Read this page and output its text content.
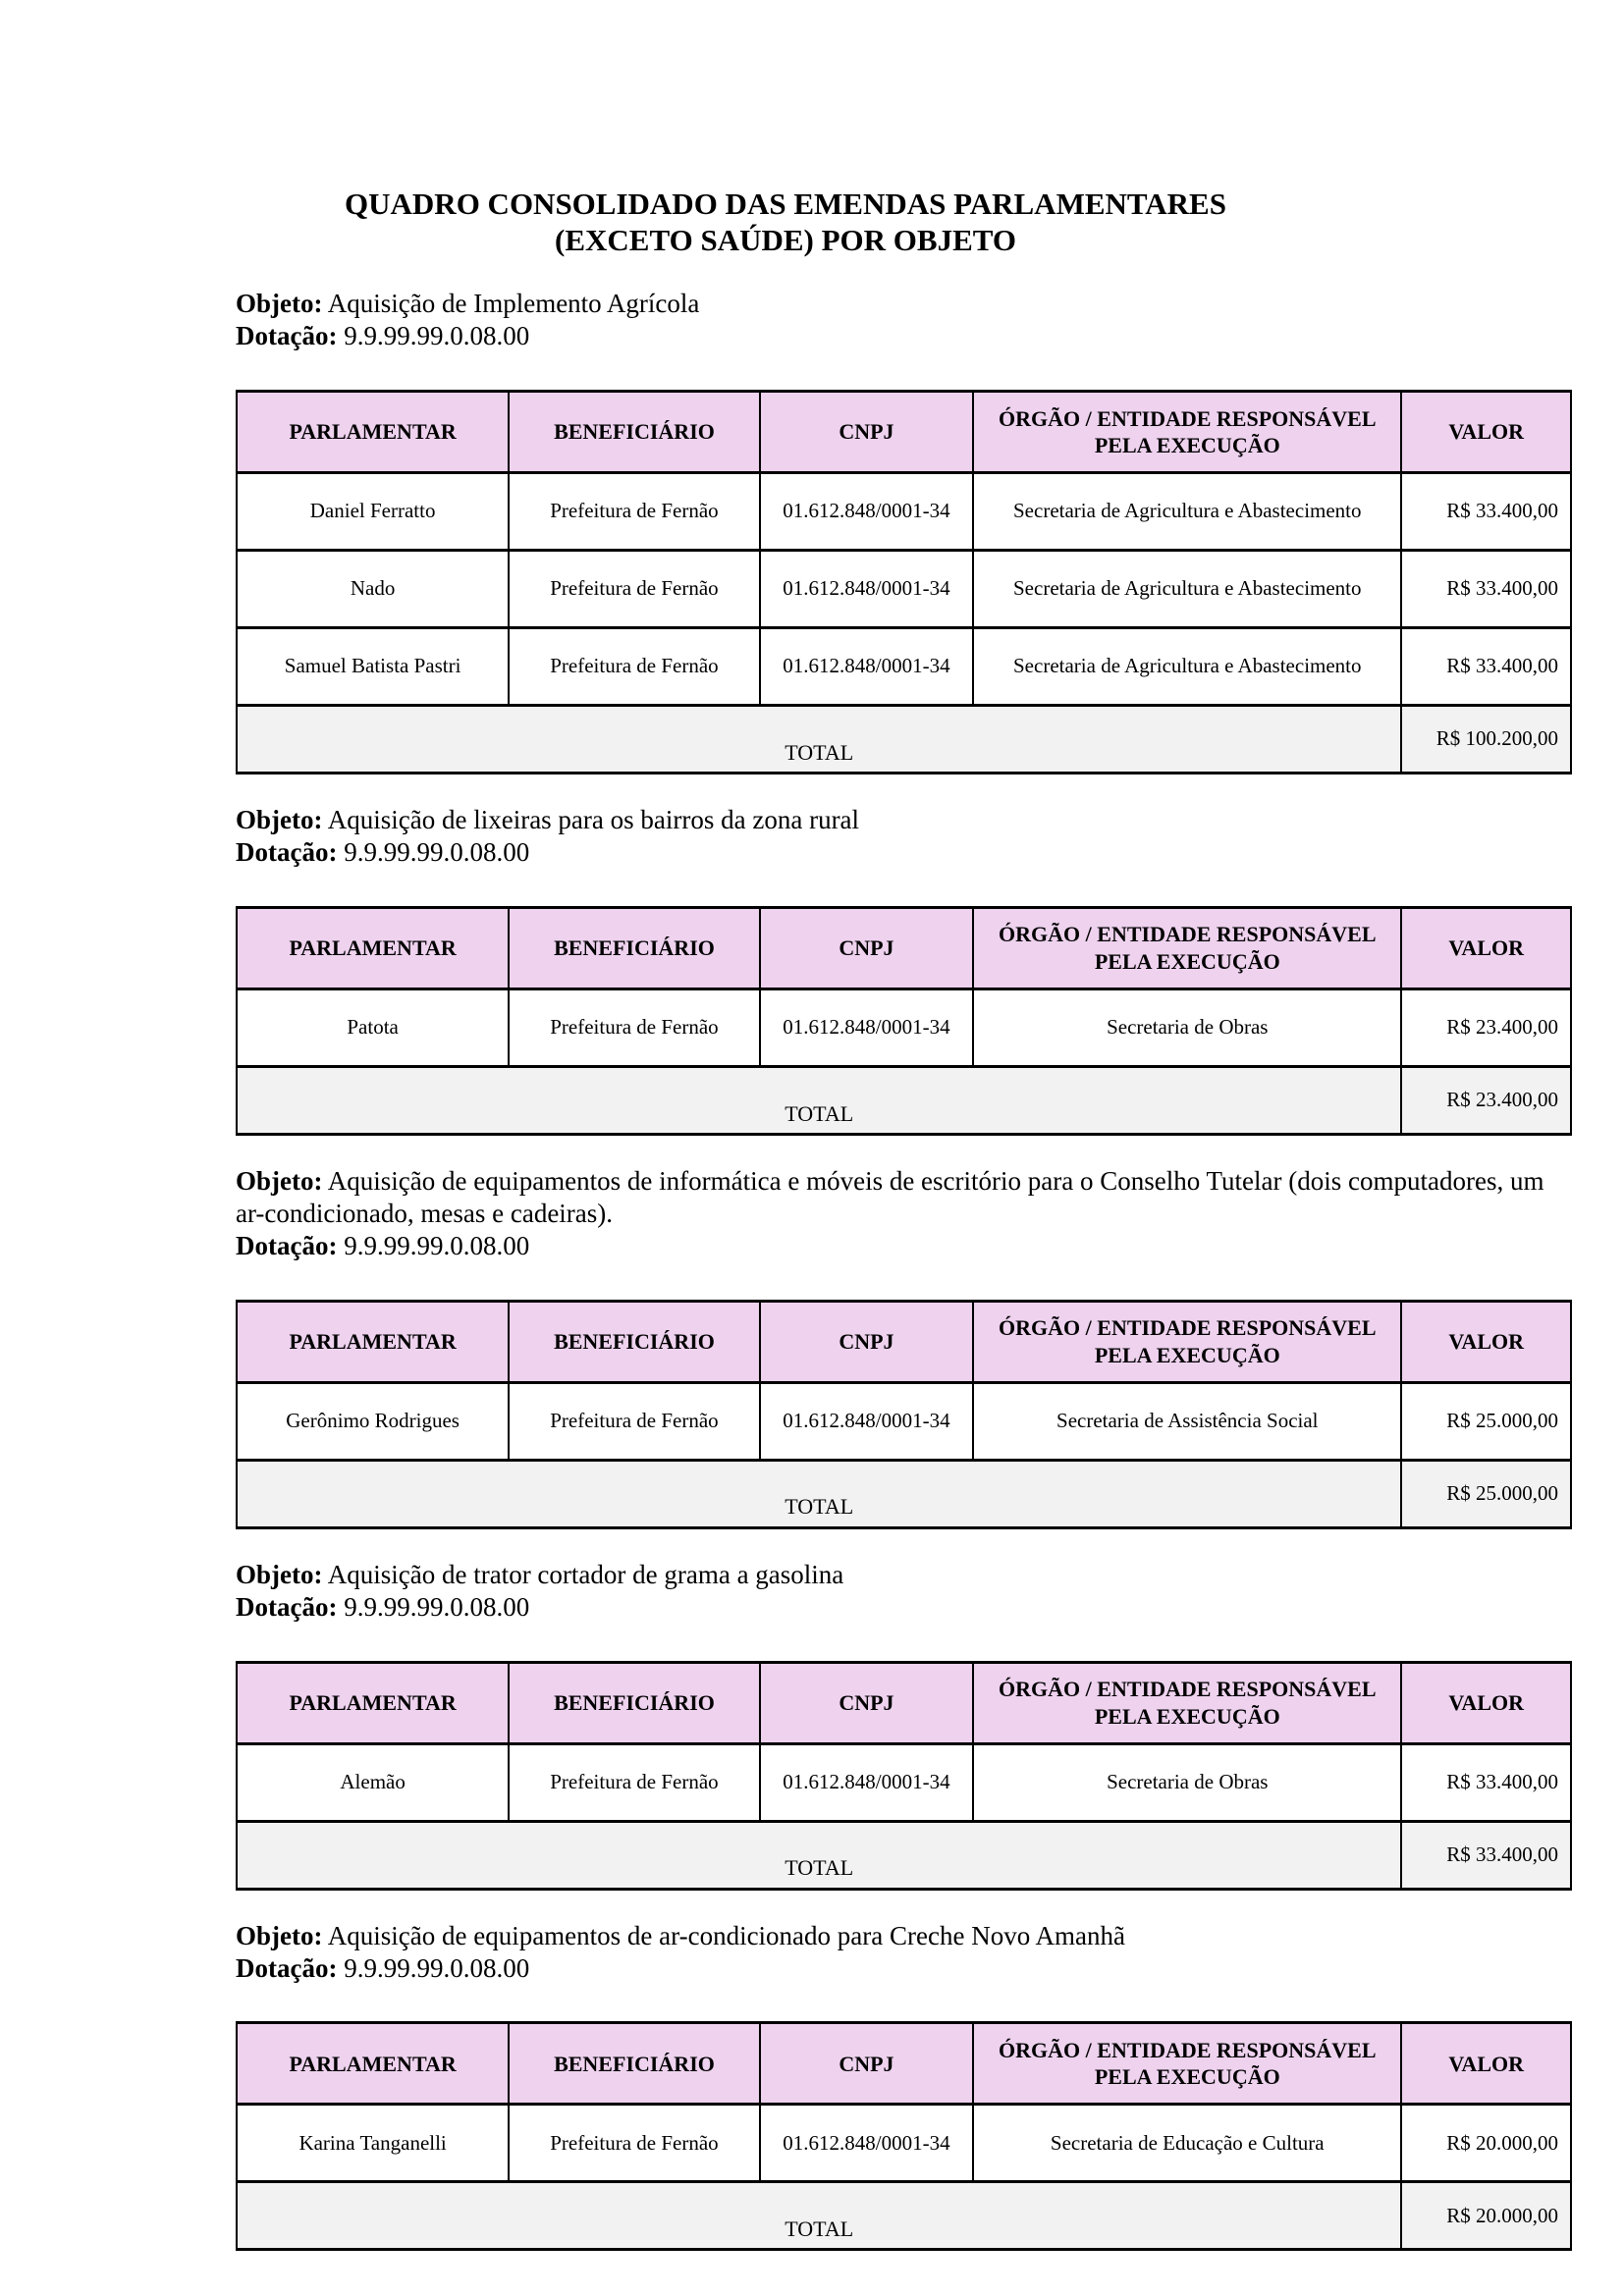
QUADRO CONSOLIDADO DAS EMENDAS PARLAMENTARES
(EXCETO SAÚDE) POR OBJETO
Objeto: Aquisição de Implemento Agrícola
Dotação: 9.9.99.99.0.08.00
PARLAMENTAR	BENEFICIÁRIO	CNPJ	ÓRGÃO / ENTIDADE RESPONSÁVEL PELA EXECUÇÃO	VALOR
Daniel Ferratto	Prefeitura de Fernão	01.612.848/0001-34	Secretaria de Agricultura e Abastecimento	R$ 33.400,00
Nado	Prefeitura de Fernão	01.612.848/0001-34	Secretaria de Agricultura e Abastecimento	R$ 33.400,00
Samuel Batista Pastri	Prefeitura de Fernão	01.612.848/0001-34	Secretaria de Agricultura e Abastecimento	R$ 33.400,00
TOTAL				R$ 100.200,00
Objeto: Aquisição de lixeiras para os bairros da zona rural
Dotação: 9.9.99.99.0.08.00
PARLAMENTAR	BENEFICIÁRIO	CNPJ	ÓRGÃO / ENTIDADE RESPONSÁVEL PELA EXECUÇÃO	VALOR
Patota	Prefeitura de Fernão	01.612.848/0001-34	Secretaria de Obras	R$ 23.400,00
TOTAL				R$ 23.400,00
Objeto: Aquisição de equipamentos de informática e móveis de escritório para o Conselho Tutelar (dois computadores, um ar-condicionado, mesas e cadeiras).
Dotação: 9.9.99.99.0.08.00
PARLAMENTAR	BENEFICIÁRIO	CNPJ	ÓRGÃO / ENTIDADE RESPONSÁVEL PELA EXECUÇÃO	VALOR
Gerônimo Rodrigues	Prefeitura de Fernão	01.612.848/0001-34	Secretaria de Assistência Social	R$ 25.000,00
TOTAL				R$ 25.000,00
Objeto: Aquisição de trator cortador de grama a gasolina
Dotação: 9.9.99.99.0.08.00
PARLAMENTAR	BENEFICIÁRIO	CNPJ	ÓRGÃO / ENTIDADE RESPONSÁVEL PELA EXECUÇÃO	VALOR
Alemão	Prefeitura de Fernão	01.612.848/0001-34	Secretaria de Obras	R$ 33.400,00
TOTAL				R$ 33.400,00
Objeto: Aquisição de equipamentos de ar-condicionado para Creche Novo Amanhã
Dotação: 9.9.99.99.0.08.00
PARLAMENTAR	BENEFICIÁRIO	CNPJ	ÓRGÃO / ENTIDADE RESPONSÁVEL PELA EXECUÇÃO	VALOR
Karina Tanganelli	Prefeitura de Fernão	01.612.848/0001-34	Secretaria de Educação e Cultura	R$ 20.000,00
TOTAL				R$ 20.000,00
